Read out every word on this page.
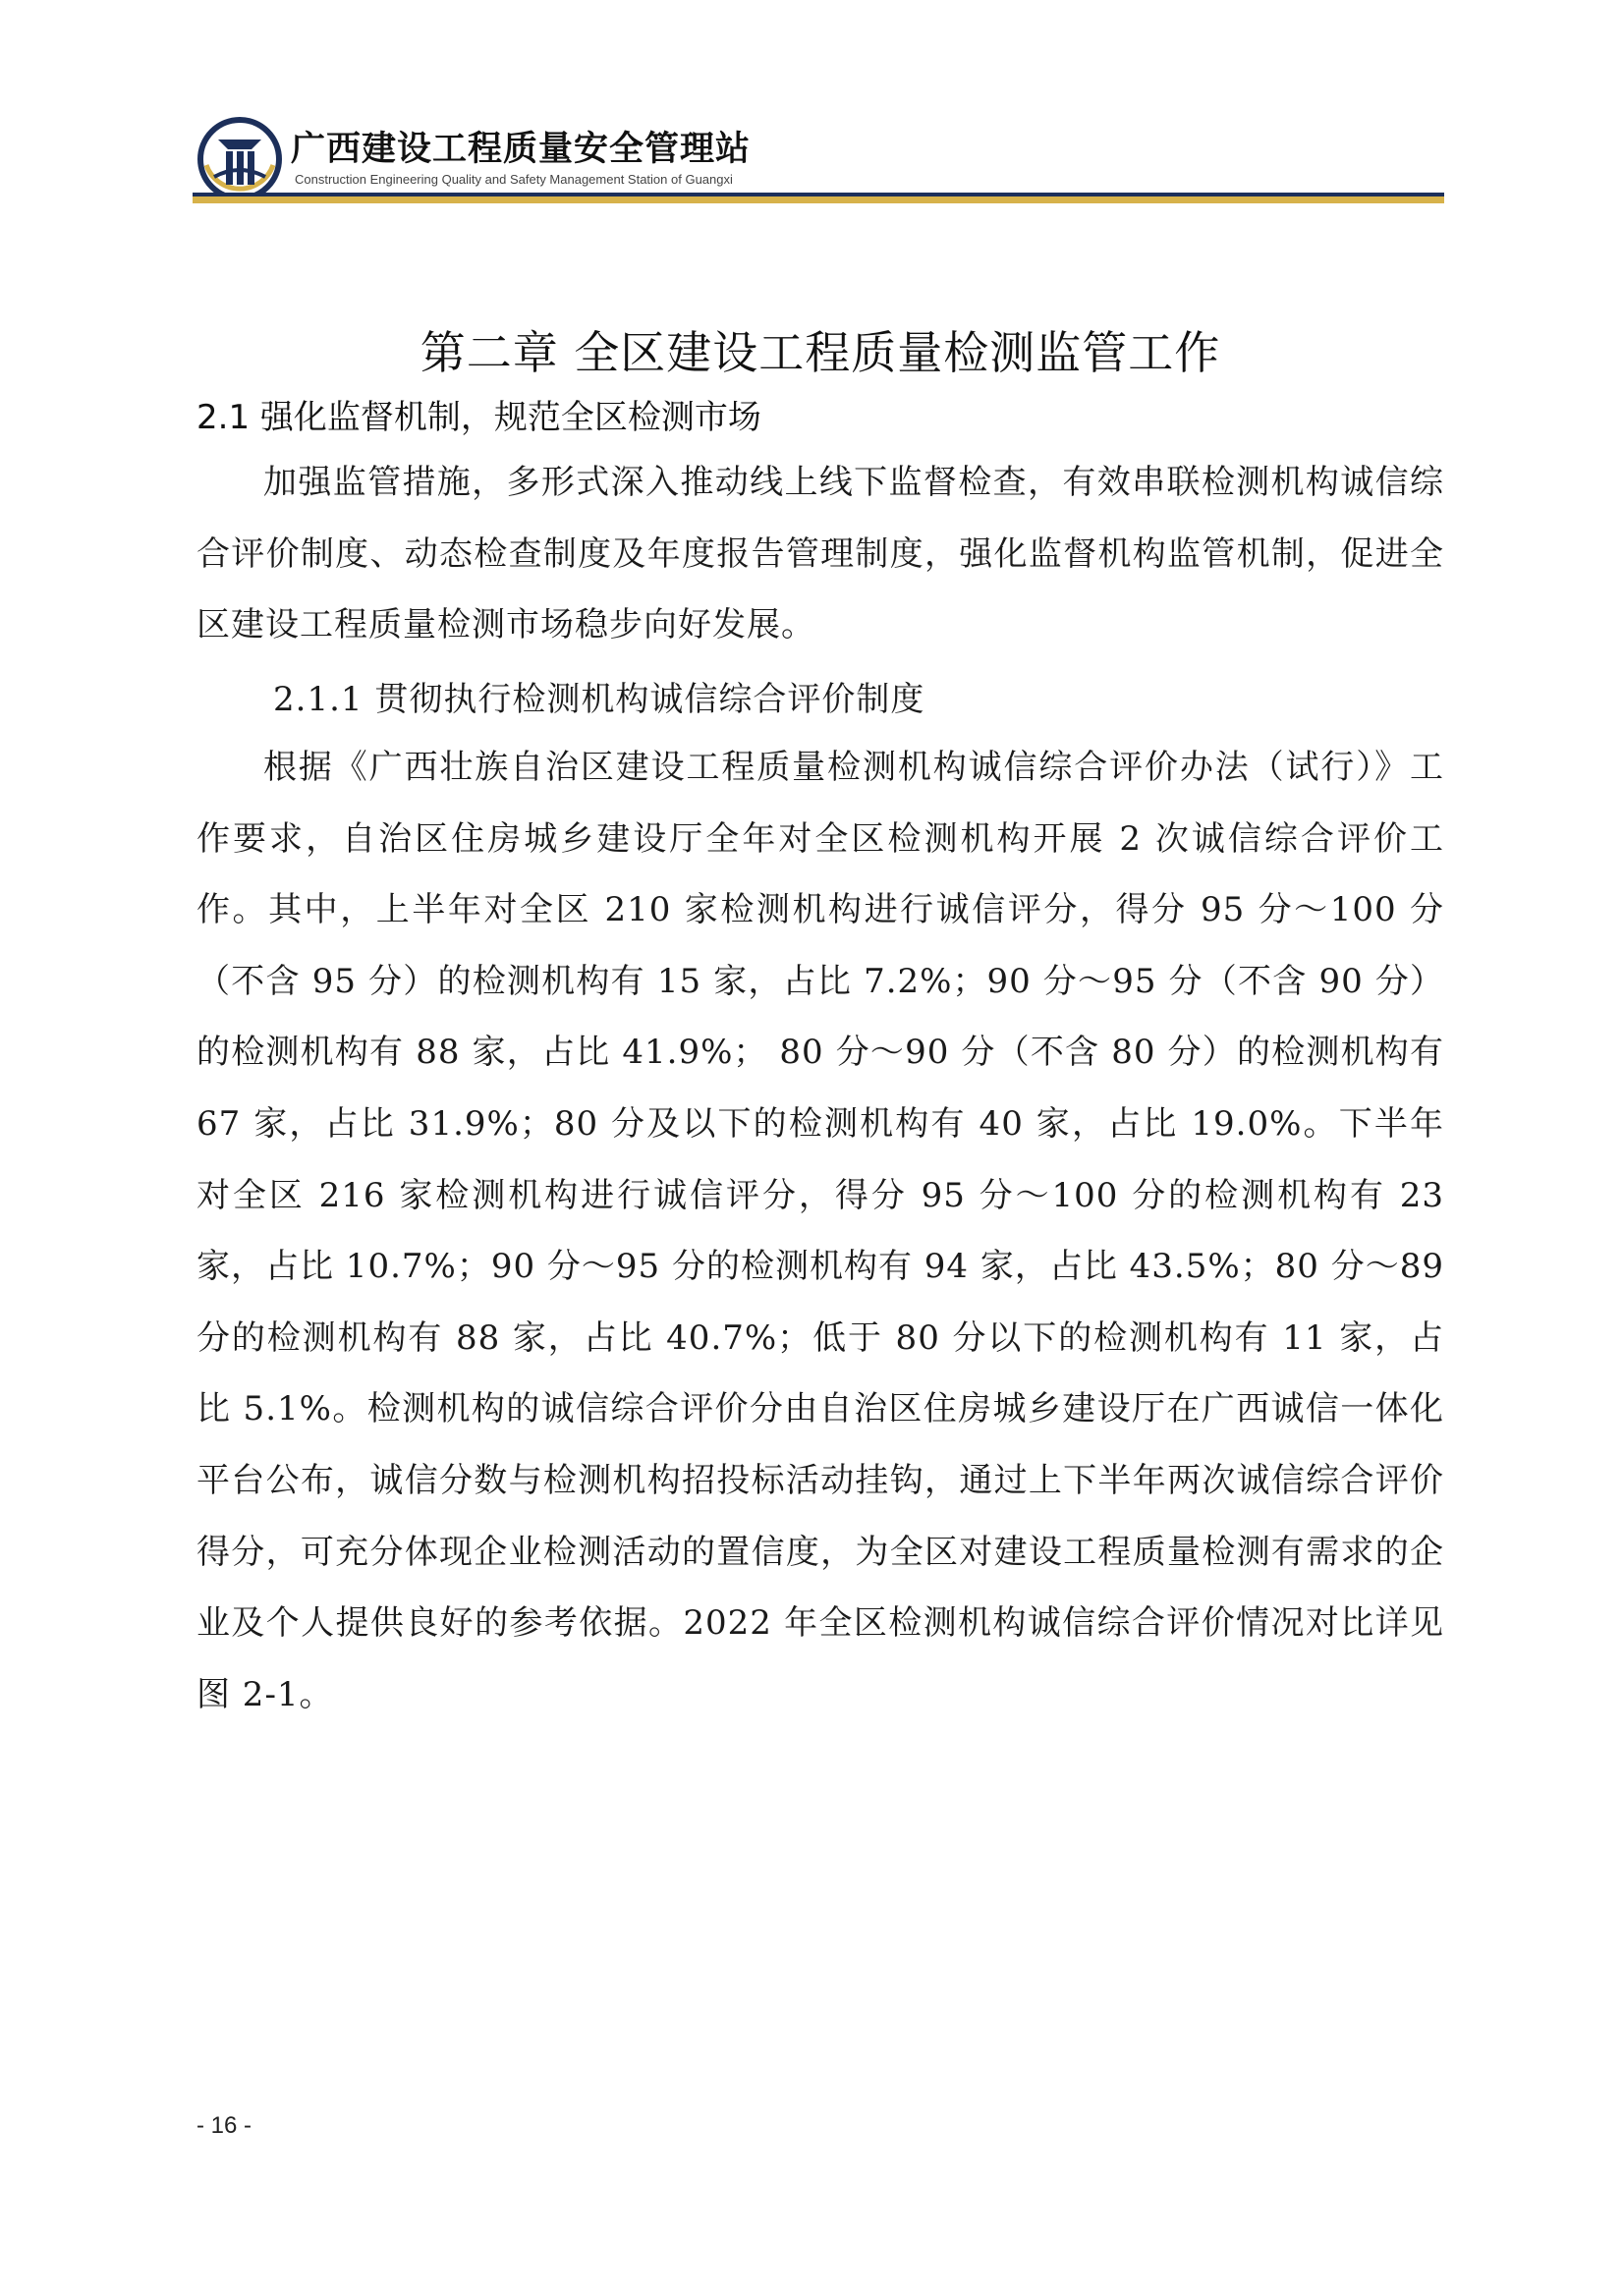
广西建设工程质量安全管理站
Construction Engineering Quality and Safety Management Station of Guangxi
第二章 全区建设工程质量检测监管工作
2.1 强化监督机制，规范全区检测市场

加强监管措施，多形式深入推动线上线下监督检查，有效串联检测机构诚信综合评价制度、动态检查制度及年度报告管理制度，强化监督机构监管机制，促进全区建设工程质量检测市场稳步向好发展。

2.1.1 贯彻执行检测机构诚信综合评价制度

根据《广西壮族自治区建设工程质量检测机构诚信综合评价办法（试行）》工作要求，自治区住房城乡建设厅全年对全区检测机构开展 2 次诚信综合评价工作。其中，上半年对全区 210 家检测机构进行诚信评分，得分 95 分～100 分（不含 95 分）的检测机构有 15 家，占比 7.2%；90 分～95 分（不含 90 分）的检测机构有 88 家，占比 41.9%； 80 分～90 分（不含 80 分）的检测机构有 67 家，占比 31.9%；80 分及以下的检测机构有 40 家，占比 19.0%。下半年对全区 216 家检测机构进行诚信评分，得分 95 分～100 分的检测机构有 23 家，占比 10.7%；90 分～95 分的检测机构有 94 家，占比 43.5%；80 分～89 分的检测机构有 88 家，占比 40.7%；低于 80 分以下的检测机构有 11 家，占比 5.1%。检测机构的诚信综合评价分由自治区住房城乡建设厅在广西诚信一体化平台公布，诚信分数与检测机构招投标活动挂钩，通过上下半年两次诚信综合评价得分，可充分体现企业检测活动的置信度，为全区对建设工程质量检测有需求的企业及个人提供良好的参考依据。2022 年全区检测机构诚信综合评价情况对比详见图 2-1。

- 16 -
